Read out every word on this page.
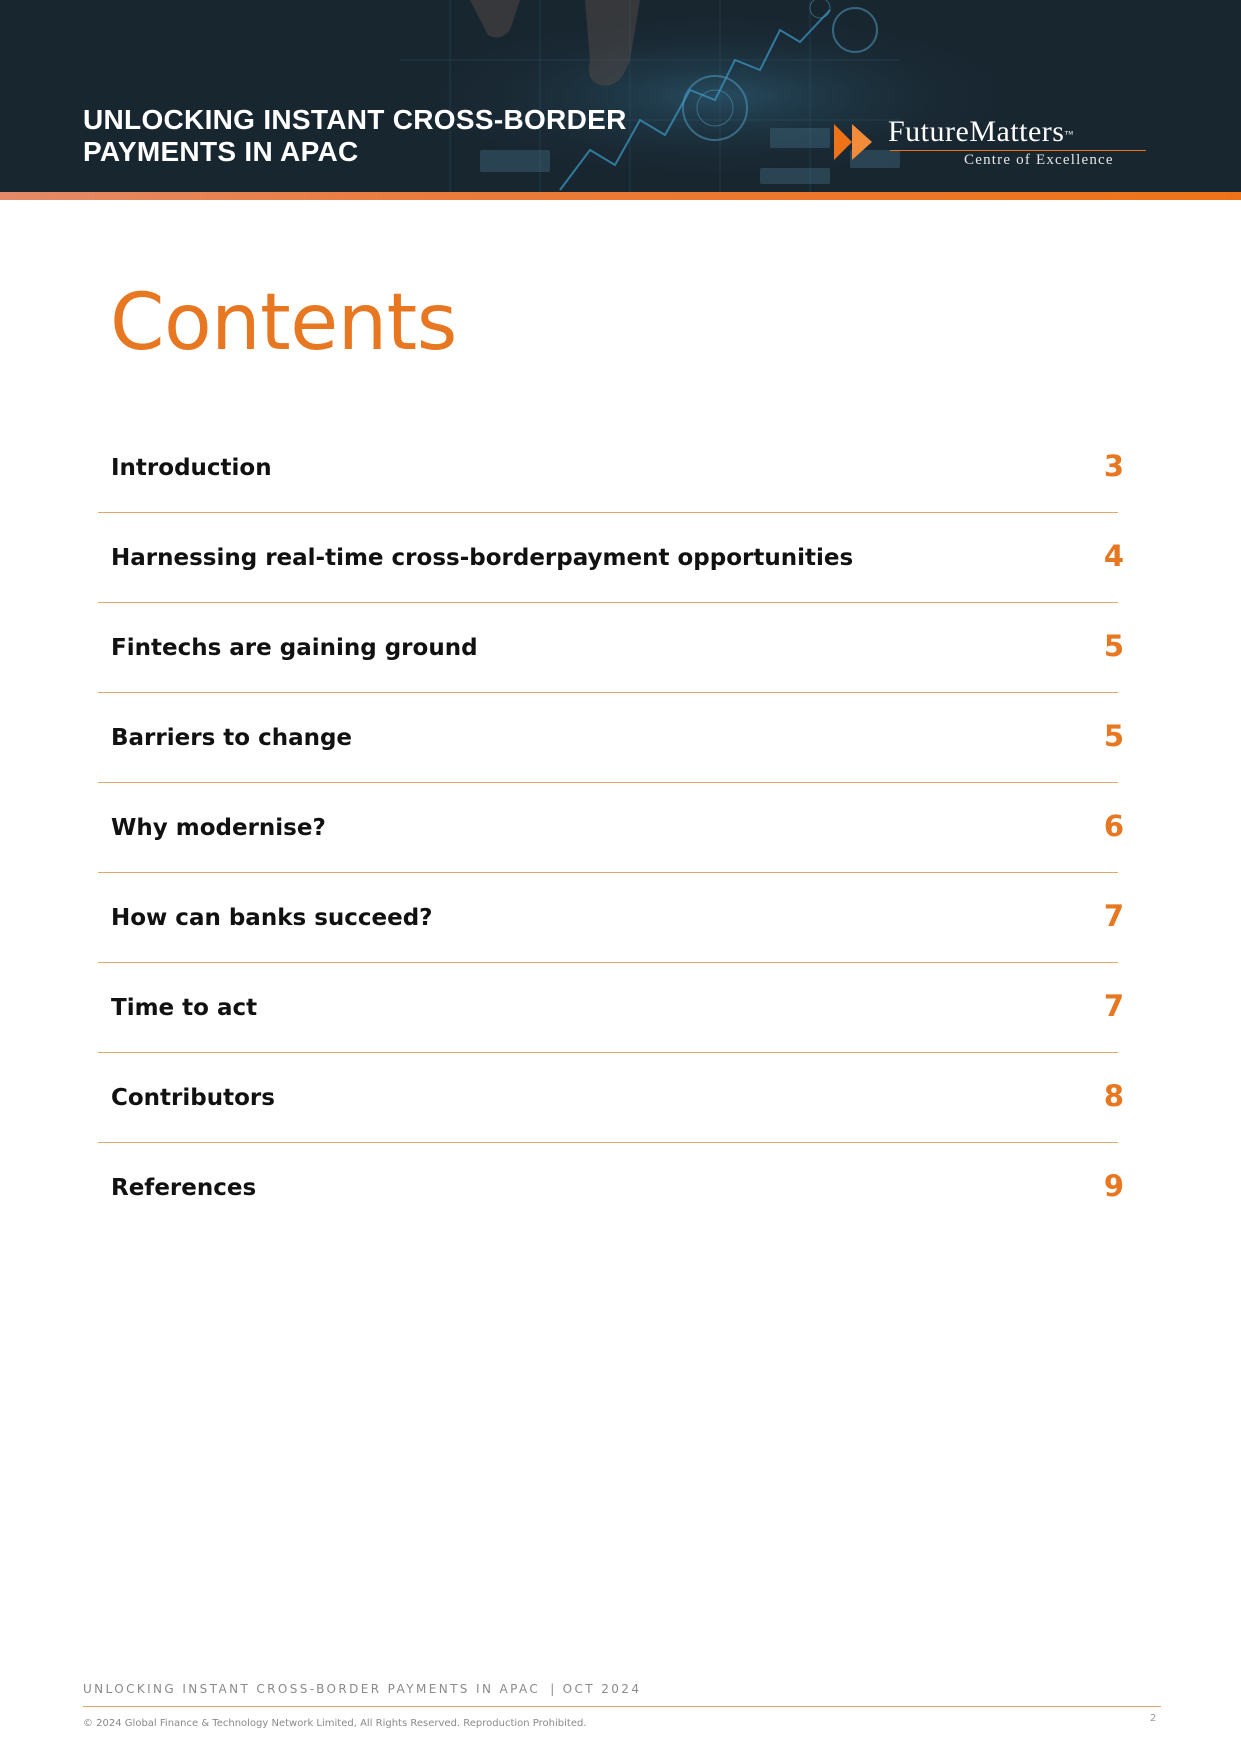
UNLOCKING INSTANT CROSS-BORDER
PAYMENTS IN APAC
FutureMatters™
Centre of Excellence
Contents
Introduction	3
Harnessing real-time cross-borderpayment opportunities	4
Fintechs are gaining ground	5
Barriers to change	5
Why modernise?	6
How can banks succeed?	7
Time to act	7
Contributors	8
References	9
UNLOCKING INSTANT CROSS-BORDER PAYMENTS IN APAC | OCT 2024
© 2024 Global Finance & Technology Network Limited, All Rights Reserved. Reproduction Prohibited.	2
